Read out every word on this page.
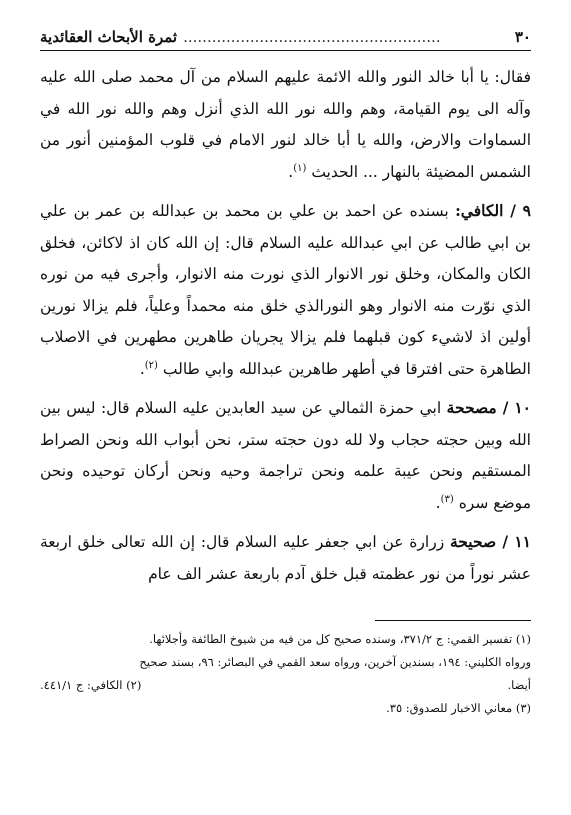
٣٠
......................................................
ثمرة الأبحاث العقائدية

فقال: يا أبا خالد النور والله الائمة عليهم السلام من آل محمد صلى الله عليه وآله الى يوم القيامة، وهم والله نور الله الذي أنزل وهم والله نور الله في السماوات والارض، والله يا أبا خالد لنور الامام في قلوب المؤمنين أنور من الشمس المضيئة بالنهار ... الحديث $^{(١)}$.

٩ / الكافي: بسنده عن احمد بن علي بن محمد بن عبدالله بن عمر بن علي بن ابي طالب عن ابي عبدالله عليه السلام قال: إن الله كان اذ لاكائن، فخلق الكان والمكان، وخلق نور الانوار الذي نورت منه الانوار، وأجرى فيه من نوره الذي نوّرت منه الانوار وهو النورالذي خلق منه محمداً وعلياً، فلم يزالا نورين أولين اذ لاشيء كون قبلهما فلم يزالا يجريان طاهرين مطهرين في الاصلاب الطاهرة حتى افترقا في أطهر طاهرين عبدالله وابي طالب $^{(٢)}$.

١٠ / مصححة ابي حمزة الثمالي عن سيد العابدين عليه السلام قال: ليس بين الله وبين حجته حجاب ولا لله دون حجته ستر، نحن أبواب الله ونحن الصراط المستقيم ونحن عيبة علمه ونحن تراجمة وحيه ونحن أركان توحيده ونحن موضع سره $^{(٣)}$.

١١ / صحيحة زرارة عن ابي جعفر عليه السلام قال: إن الله تعالى خلق اربعة عشر نوراً من نور عظمته قبل خلق آدم باربعة عشر الف عام

(١) تفسير القمي: ج ٣٧١/٢، وسنده صحيح كل من فيه من شيوخ الطائفة وأجلائها.

ورواه الكليني: ١٩٤، بسندين آخرين، ورواه سعد القمي في البصائر: ٩٦، بسند صحيح

أيضا.
(٢) الكافي: ج ٤٤١/١.

(٣) معاني الاخبار للصدوق: ٣٥.
